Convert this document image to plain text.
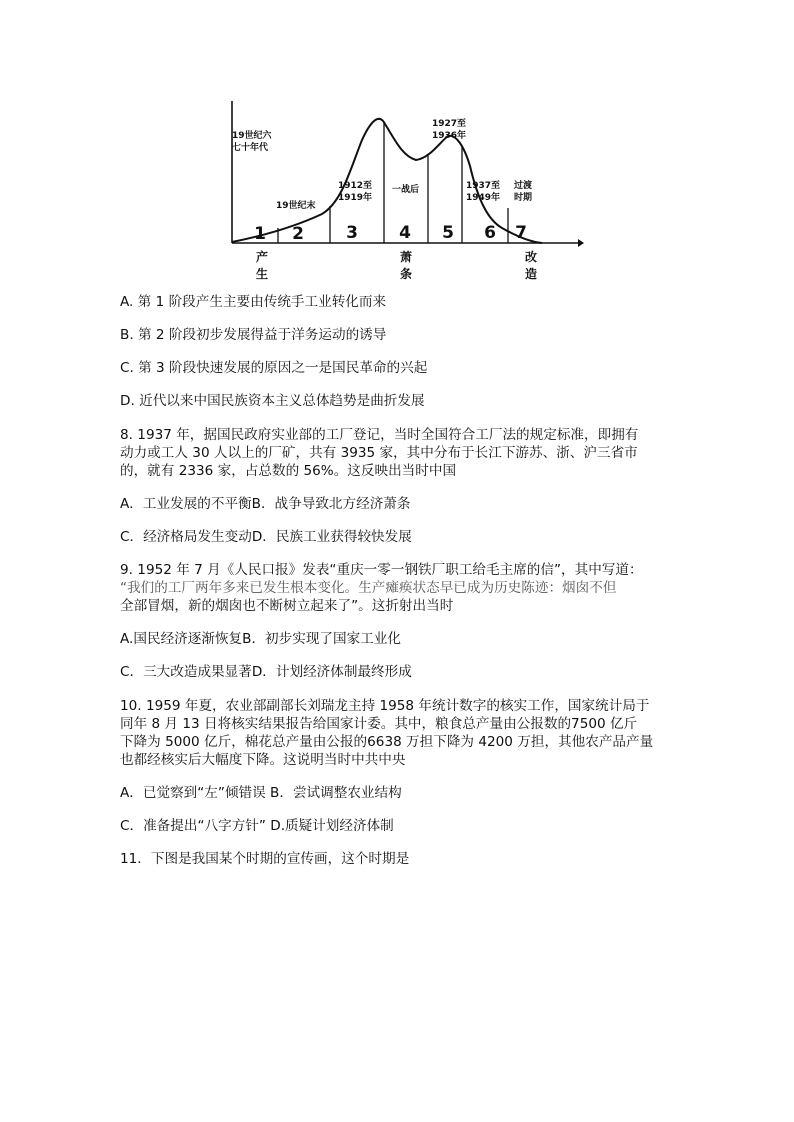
1 2 3 4 5 6 7
19世纪六
七十年代
19世纪末
1912至
1919年
一战后
1927至
1936年
1937至
1949年
过渡
时期
产
生
萧
条
改
造

A. 第 1 阶段产生主要由传统手工业转化而来

B. 第 2 阶段初步发展得益于洋务运动的诱导

C. 第 3 阶段快速发展的原因之一是国民革命的兴起

D. 近代以来中国民族资本主义总体趋势是曲折发展

8. 1937 年，据国民政府实业部的工厂登记，当时全国符合工厂法的规定标准，即拥有

动力或工人 30 人以上的厂矿，共有 3935 家，其中分布于长江下游苏、浙、沪三省市

的，就有 2336 家，占总数的 56%。这反映出当时中国

A．工业发展的不平衡B．战争导致北方经济萧条

C．经济格局发生变动D．民族工业获得较快发展

9. 1952 年 7 月《人民口报》发表“重庆一零一钢铁厂职工给毛主席的信”，其中写道：

“我们的工厂两年多来已发生根本变化。生产瘫痪状态早已成为历史陈迹：烟囱不但

全部冒烟，新的烟囱也不断树立起来了”。这折射出当时

A.国民经济逐渐恢复B．初步实现了国家工业化

C．三大改造成果显著D．计划经济体制最终形成

10. 1959 年夏，农业部副部长刘瑞龙主持 1958 年统计数字的核实工作，国家统计局于

同年 8 月 13 日将核实结果报告给国家计委。其中，粮食总产量由公报数的7500 亿斤

下降为 5000 亿斤，棉花总产量由公报的6638 万担下降为 4200 万担，其他农产品产量

也都经核实后大幅度下降。这说明当时中共中央

A．已觉察到“左”倾错误 B．尝试调整农业结构

C．准备提出“八字方针” D.质疑计划经济体制

11．下图是我国某个时期的宣传画，这个时期是
